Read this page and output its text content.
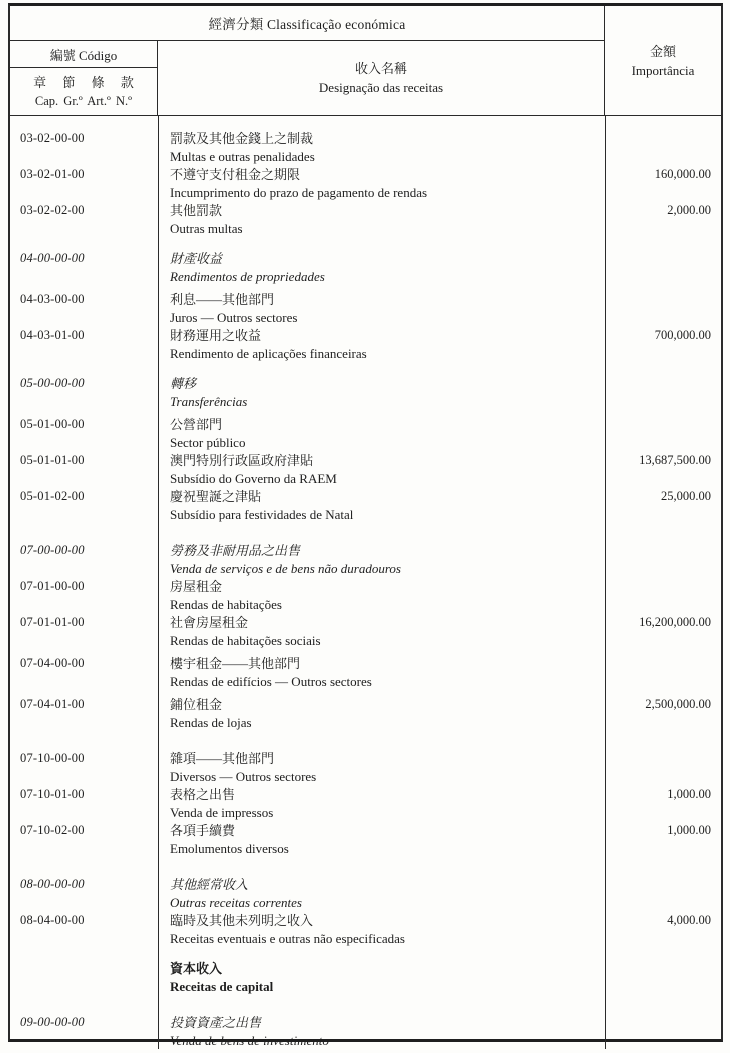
經濟分類 Classificação económica
編號 Código
章 節 條 款
Cap. Gr.º Art.º N.º
收入名稱
Designação das receitas
金額
Importância
03-02-00-00	罰款及其他金錢上之制裁
Multas e outras penalidades
03-02-01-00	不遵守支付租金之期限
Incumprimento do prazo de pagamento de rendas
160,000.00
03-02-02-00	其他罰款
Outras multas
2,000.00
04-00-00-00	財產收益
Rendimentos de propriedades
04-03-00-00	利息——其他部門
Juros — Outros sectores
04-03-01-00	財務運用之收益
Rendimento de aplicações financeiras
700,000.00
05-00-00-00	轉移
Transferências
05-01-00-00	公營部門
Sector público
05-01-01-00	澳門特別行政區政府津貼
Subsídio do Governo da RAEM
13,687,500.00
05-01-02-00	慶祝聖誕之津貼
Subsídio para festividades de Natal
25,000.00
07-00-00-00	勞務及非耐用品之出售
Venda de serviços e de bens não duradouros
07-01-00-00	房屋租金
Rendas de habitações
07-01-01-00	社會房屋租金
Rendas de habitações sociais
16,200,000.00
07-04-00-00	樓宇租金——其他部門
Rendas de edifícios — Outros sectores
07-04-01-00	鋪位租金
Rendas de lojas
2,500,000.00
07-10-00-00	雜項——其他部門
Diversos — Outros sectores
07-10-01-00	表格之出售
Venda de impressos
1,000.00
07-10-02-00	各項手續費
Emolumentos diversos
1,000.00
08-00-00-00	其他經常收入
Outras receitas correntes
08-04-00-00	臨時及其他未列明之收入
Receitas eventuais e outras não especificadas
4,000.00
資本收入
Receitas de capital
09-00-00-00	投資資產之出售
Venda de bens de investimento
